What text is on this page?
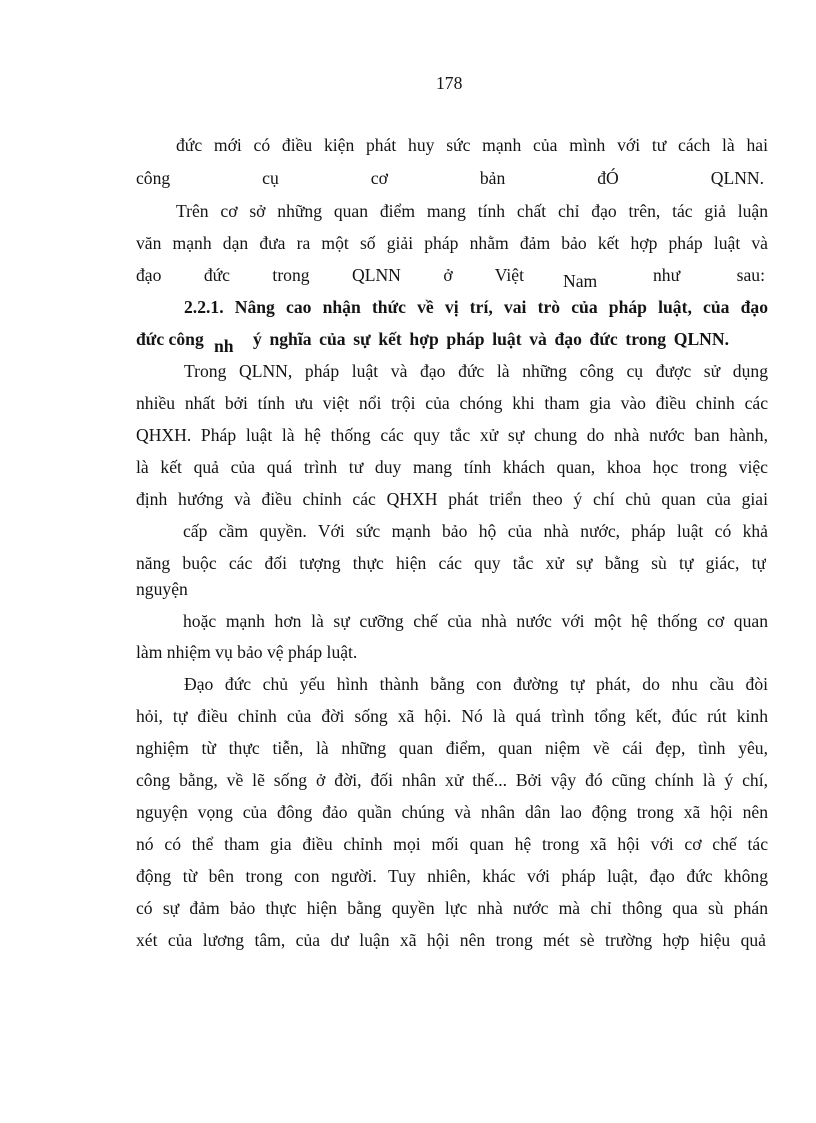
178
đức mới có điều kiện phát huy sức mạnh của mình với tư cách là hai
công cụ cơ bản đÓ QLNN.
Trên cơ sở những quan điểm mang tính chất chỉ đạo trên, tác giả luận
văn mạnh dạn đưa ra một số giải pháp nhằm đảm bảo kết hợp pháp luật và
đạo đức trong QLNN ở Việt Nam	như sau:
2.2.1. Nâng cao nhận thức về vị trí, vai trò của pháp luật, của đạo
đức công nh ý nghĩa của sự kết hợp pháp luật và đạo đức trong QLNN.
Trong QLNN, pháp luật và đạo đức là những công cụ được sử dụng
nhiều nhất bởi tính ưu việt nổi trội của chóng khi tham gia vào điều chỉnh các
QHXH. Pháp luật là hệ thống các quy tắc xử sự chung do nhà nước ban hành,
là kết quả của quá trình tư duy mang tính khách quan, khoa học trong việc
định hướng và điều chỉnh các QHXH phát triển theo ý chí chủ quan của giai
cấp cầm quyền. Với sức mạnh bảo hộ của nhà nước, pháp luật có khả
năng buộc các đối tượng thực hiện các quy tắc xử sự bằng sù tự giác, tự
nguyện
hoặc mạnh hơn là sự cưỡng chế của nhà nước với một hệ thống cơ quan
làm nhiệm vụ bảo vệ pháp luật.
Đạo đức chủ yếu hình thành bằng con đường tự phát, do nhu cầu đòi
hỏi, tự điều chỉnh của đời sống xã hội. Nó là quá trình tổng kết, đúc rút kinh
nghiệm từ thực tiễn, là những quan điểm, quan niệm về cái đẹp, tình yêu,
công bằng, về lẽ sống ở đời, đối nhân xử thế... Bởi vậy đó cũng chính là ý chí,
nguyện vọng của đông đảo quần chúng và nhân dân lao động trong xã hội nên
nó có thể tham gia điều chỉnh mọi mối quan hệ trong xã hội với cơ chế tác
động từ bên trong con người. Tuy nhiên, khác với pháp luật, đạo đức không
có sự đảm bảo thực hiện bằng quyền lực nhà nước mà chỉ thông qua sù phán
xét của lương tâm, của dư luận xã hội nên trong mét sè trường hợp hiệu quả
